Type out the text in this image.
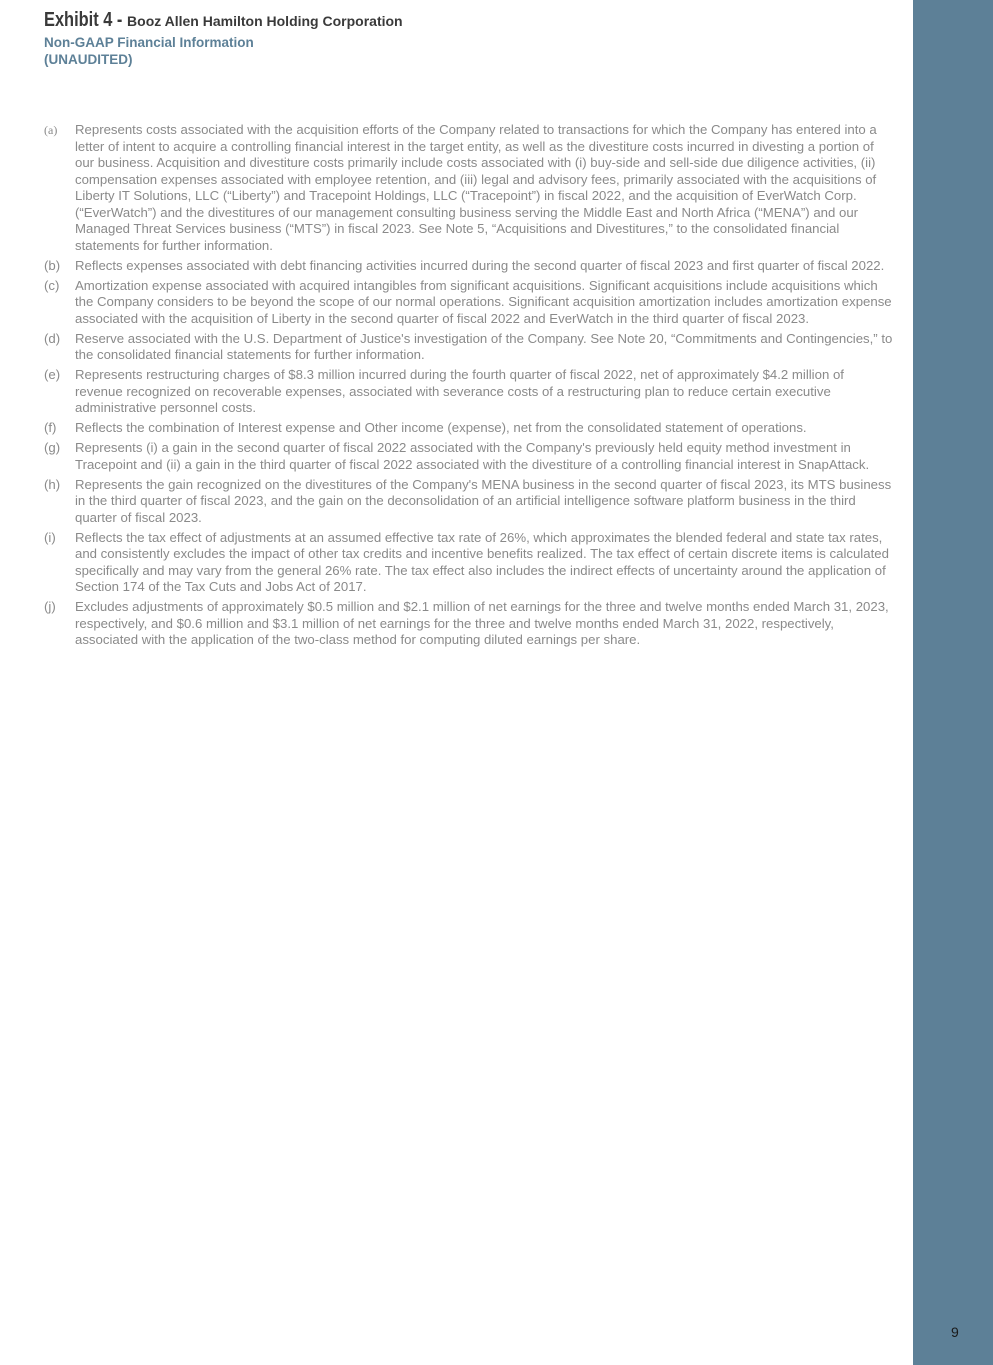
Exhibit 4 - Booz Allen Hamilton Holding Corporation
Non-GAAP Financial Information
(UNAUDITED)
(a)	Represents costs associated with the acquisition efforts of the Company related to transactions for which the Company has entered into a letter of intent to acquire a controlling financial interest in the target entity, as well as the divestiture costs incurred in divesting a portion of our business. Acquisition and divestiture costs primarily include costs associated with (i) buy-side and sell-side due diligence activities, (ii) compensation expenses associated with employee retention, and (iii) legal and advisory fees, primarily associated with the acquisitions of Liberty IT Solutions, LLC (“Liberty”) and Tracepoint Holdings, LLC (“Tracepoint”) in fiscal 2022, and the acquisition of EverWatch Corp. (“EverWatch”) and the divestitures of our management consulting business serving the Middle East and North Africa (“MENA”) and our Managed Threat Services business (“MTS”) in fiscal 2023. See Note 5, “Acquisitions and Divestitures,” to the consolidated financial statements for further information.
(b)	Reflects expenses associated with debt financing activities incurred during the second quarter of fiscal 2023 and first quarter of fiscal 2022.
(c)	Amortization expense associated with acquired intangibles from significant acquisitions. Significant acquisitions include acquisitions which the Company considers to be beyond the scope of our normal operations. Significant acquisition amortization includes amortization expense associated with the acquisition of Liberty in the second quarter of fiscal 2022 and EverWatch in the third quarter of fiscal 2023.
(d)	Reserve associated with the U.S. Department of Justice's investigation of the Company. See Note 20, “Commitments and Contingencies,” to the consolidated financial statements for further information.
(e)	Represents restructuring charges of $8.3 million incurred during the fourth quarter of fiscal 2022, net of approximately $4.2 million of revenue recognized on recoverable expenses, associated with severance costs of a restructuring plan to reduce certain executive administrative personnel costs.
(f)	Reflects the combination of Interest expense and Other income (expense), net from the consolidated statement of operations.
(g)	Represents (i) a gain in the second quarter of fiscal 2022 associated with the Company's previously held equity method investment in Tracepoint and (ii) a gain in the third quarter of fiscal 2022 associated with the divestiture of a controlling financial interest in SnapAttack.
(h)	Represents the gain recognized on the divestitures of the Company's MENA business in the second quarter of fiscal 2023, its MTS business in the third quarter of fiscal 2023, and the gain on the deconsolidation of an artificial intelligence software platform business in the third quarter of fiscal 2023.
(i)	Reflects the tax effect of adjustments at an assumed effective tax rate of 26%, which approximates the blended federal and state tax rates, and consistently excludes the impact of other tax credits and incentive benefits realized. The tax effect of certain discrete items is calculated specifically and may vary from the general 26% rate. The tax effect also includes the indirect effects of uncertainty around the application of Section 174 of the Tax Cuts and Jobs Act of 2017.
(j)	Excludes adjustments of approximately $0.5 million and $2.1 million of net earnings for the three and twelve months ended March 31, 2023, respectively, and $0.6 million and $3.1 million of net earnings for the three and twelve months ended March 31, 2022, respectively, associated with the application of the two-class method for computing diluted earnings per share.
9
